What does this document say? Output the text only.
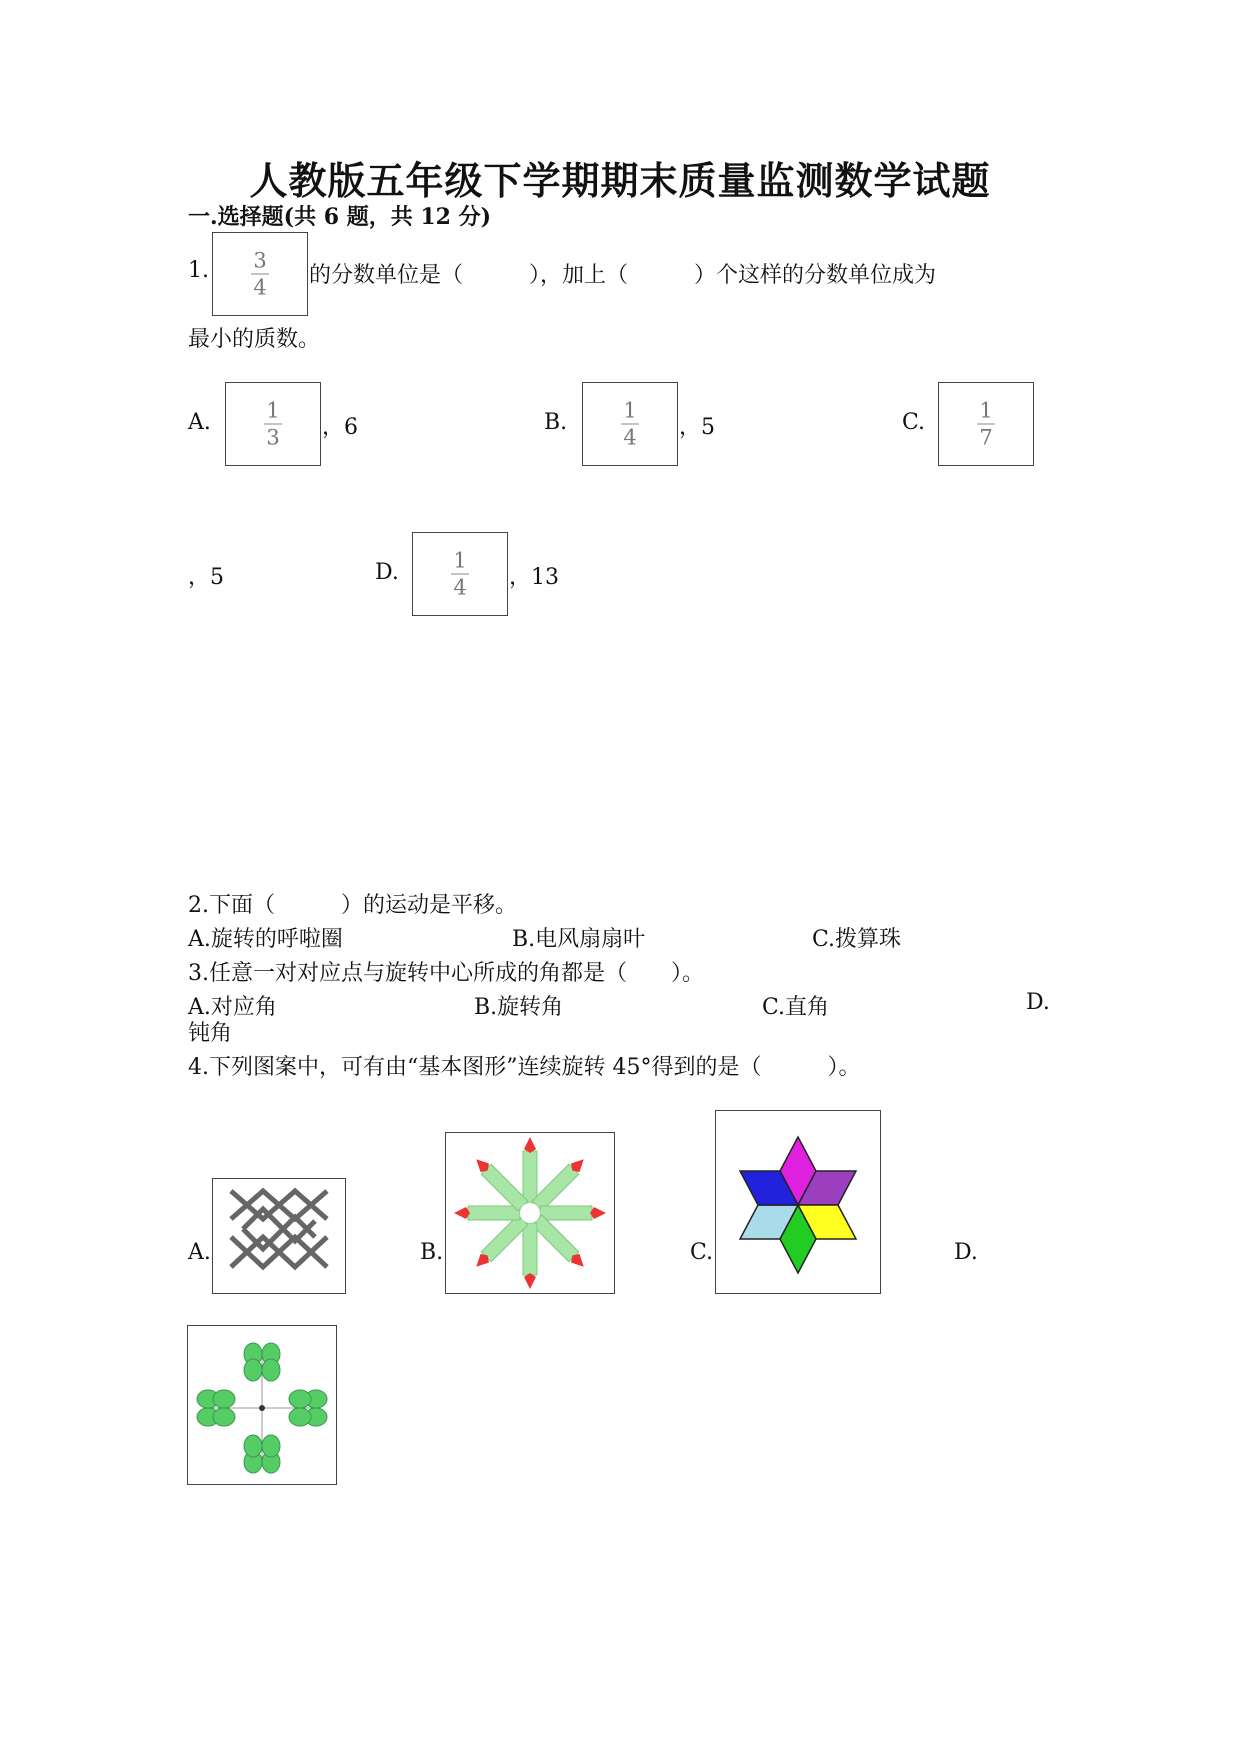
人教版五年级下学期期末质量监测数学试题
一.选择题(共 6 题，共 12 分)
1. 3
4 的分数单位是（　　　），加上（　　　）个这样的分数单位成为
最小的质数。
A.	1
3 ，6	B.	1
4 ，5	C.	1
7
，5	D.	1
4 ，13
2.下面（　　　）的运动是平移。
A.旋转的呼啦圈	B.电风扇扇叶	C.拨算珠
3.任意一对对应点与旋转中心所成的角都是（　　）。
A.对应角	B.旋转角	C.直角	D.
钝角
4.下列图案中，可有由“基本图形”连续旋转 45°得到的是（　　　）。
A.	B.	C.	D.
